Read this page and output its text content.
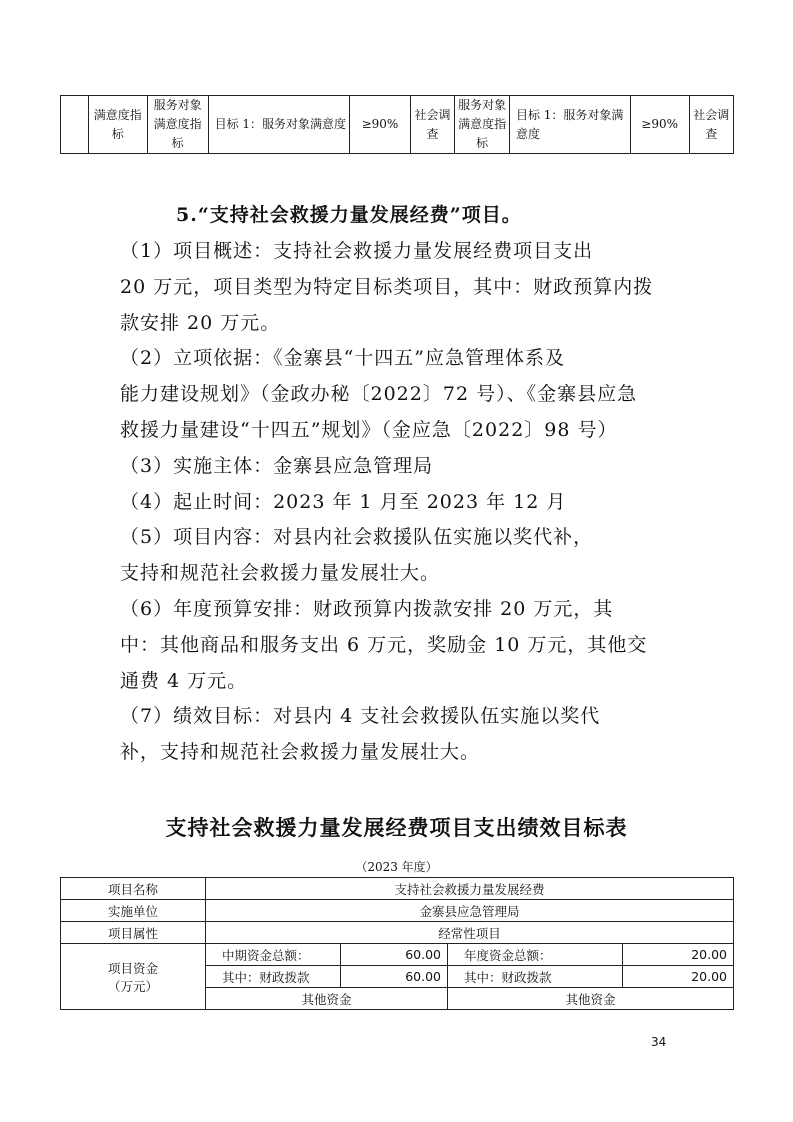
	满意度指标	服务对象满意度指标	目标 1：服务对象满意度	≥90%	社会调查	服务对象满意度指标	目标 1：服务对象满意度	≥90%	社会调查
5.“支持社会救援力量发展经费”项目。
（1）项目概述：支持社会救援力量发展经费项目支出
20 万元，项目类型为特定目标类项目，其中：财政预算内拨
款安排 20 万元。
（2）立项依据：《金寨县“十四五”应急管理体系及
能力建设规划》（金政办秘〔2022〕72 号）、《金寨县应急
救援力量建设“十四五”规划》（金应急〔2022〕98 号）
（3）实施主体：金寨县应急管理局
（4）起止时间：2023 年 1 月至 2023 年 12 月
（5）项目内容：对县内社会救援队伍实施以奖代补，
支持和规范社会救援力量发展壮大。
（6）年度预算安排：财政预算内拨款安排 20 万元，其
中：其他商品和服务支出 6 万元，奖励金 10 万元，其他交
通费 4 万元。
（7）绩效目标：对县内 4 支社会救援队伍实施以奖代
补，支持和规范社会救援力量发展壮大。
支持社会救援力量发展经费项目支出绩效目标表
（2023 年度）
项目名称	支持社会救援力量发展经费			
实施单位	金寨县应急管理局			
项目属性	经常性项目			

项目资金
（万元）	中期资金总额：	60.00	年度资金总额：	20.00
	其中：财政拨款	60.00	其中：财政拨款	20.00
	其他资金		其他资金	
34
